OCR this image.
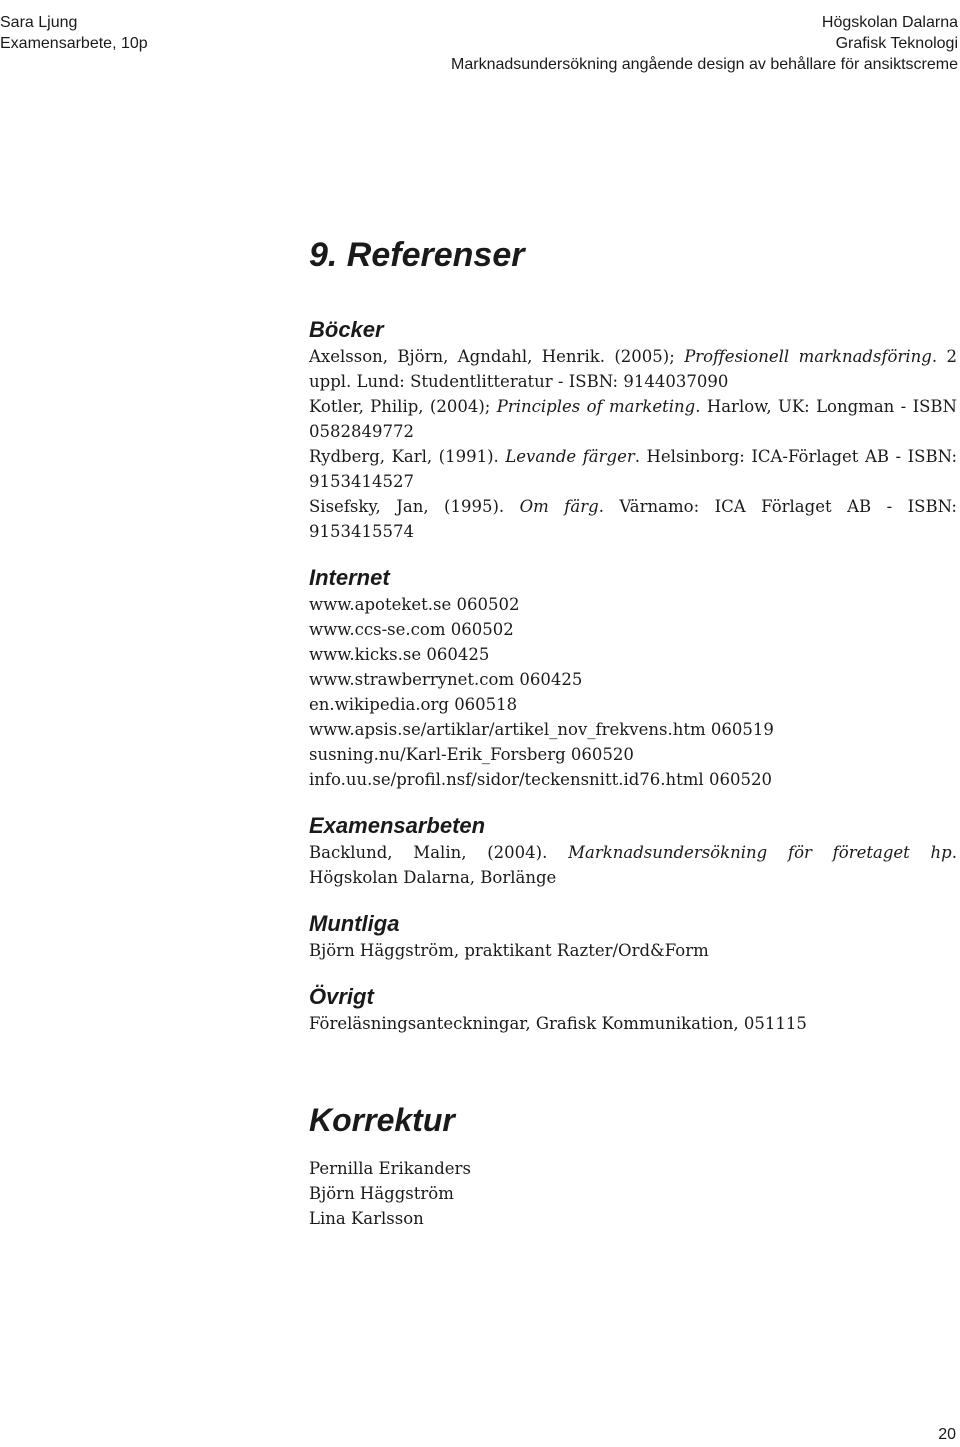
Sara Ljung
Examensarbete, 10p
Högskolan Dalarna
Grafisk Teknologi
Marknadsundersökning angående design av behållare för ansiktscreme
9. Referenser
Böcker
Axelsson, Björn, Agndahl, Henrik. (2005); Proffesionell marknadsföring. 2 uppl. Lund: Studentlitteratur - ISBN: 9144037090
Kotler, Philip, (2004); Principles of marketing. Harlow, UK: Longman - ISBN 0582849772
Rydberg, Karl, (1991). Levande färger. Helsinborg: ICA-Förlaget AB - ISBN: 9153414527
Sisefsky, Jan, (1995). Om färg. Värnamo: ICA Förlaget AB - ISBN: 9153415574
Internet
www.apoteket.se 060502
www.ccs-se.com 060502
www.kicks.se 060425
www.strawberrynet.com 060425
en.wikipedia.org 060518
www.apsis.se/artiklar/artikel_nov_frekvens.htm 060519
susning.nu/Karl-Erik_Forsberg 060520
info.uu.se/profil.nsf/sidor/teckensnitt.id76.html 060520
Examensarbeten
Backlund, Malin, (2004). Marknadsundersökning för företaget hp. Högskolan Dalarna, Borlänge
Muntliga
Björn Häggström, praktikant Razter/Ord&Form
Övrigt
Föreläsningsanteckningar, Grafisk Kommunikation, 051115
Korrektur
Pernilla Erikanders
Björn Häggström
Lina Karlsson
20
